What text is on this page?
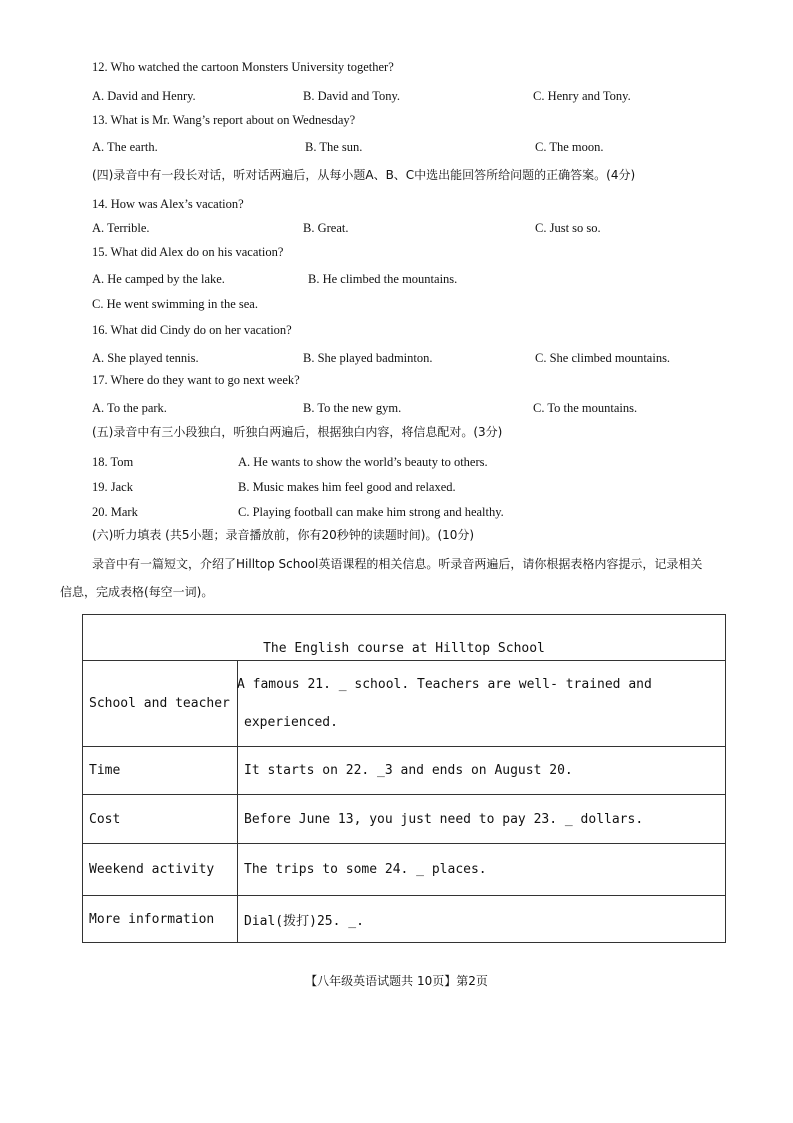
12. Who watched the cartoon Monsters University together?
A. David and Henry.	B. David and Tony.	C. Henry and Tony.
13. What is Mr. Wang’s report about on Wednesday?
A. The earth.	B. The sun.	C. The moon.
(四)录音中有一段长对话，听对话两遍后，从每小题A、B、C中选出能回答所给问题的正确答案。(4分)
14. How was Alex’s vacation?
A. Terrible.	B. Great.	C. Just so so.
15. What did Alex do on his vacation?
A. He camped by the lake.	B. He climbed the mountains.
C. He went swimming in the sea.
16. What did Cindy do on her vacation?
A. She played tennis.	B. She played badminton.	C. She climbed mountains.
17. Where do they want to go next week?
A. To the park.	B. To the new gym.	C. To the mountains.
(五)录音中有三小段独白，听独白两遍后，根据独白内容，将信息配对。(3分)
18. Tom	A. He wants to show the world’s beauty to others.
19. Jack	B. Music makes him feel good and relaxed.
20. Mark	C. Playing football can make him strong and healthy.
(六)听力填表 (共5小题；录音播放前，你有20秒钟的读题时间)。(10分)
录音中有一篇短文，介绍了Hilltop School英语课程的相关信息。听录音两遍后，请你根据表格内容提示，记录相关
信息，完成表格(每空一词)。
The English course at Hilltop School	
School and teacher	A famous 21. _ school. Teachers are well- trained and
experienced.

Time	It starts on 22. _3 and ends on August 20.
Cost	Before June 13, you just need to pay 23. _ dollars.
Weekend activity	The trips to some 24. _ places.
More information	Dial(拨打)25. _.
【八年级英语试题共 10页】第2页
